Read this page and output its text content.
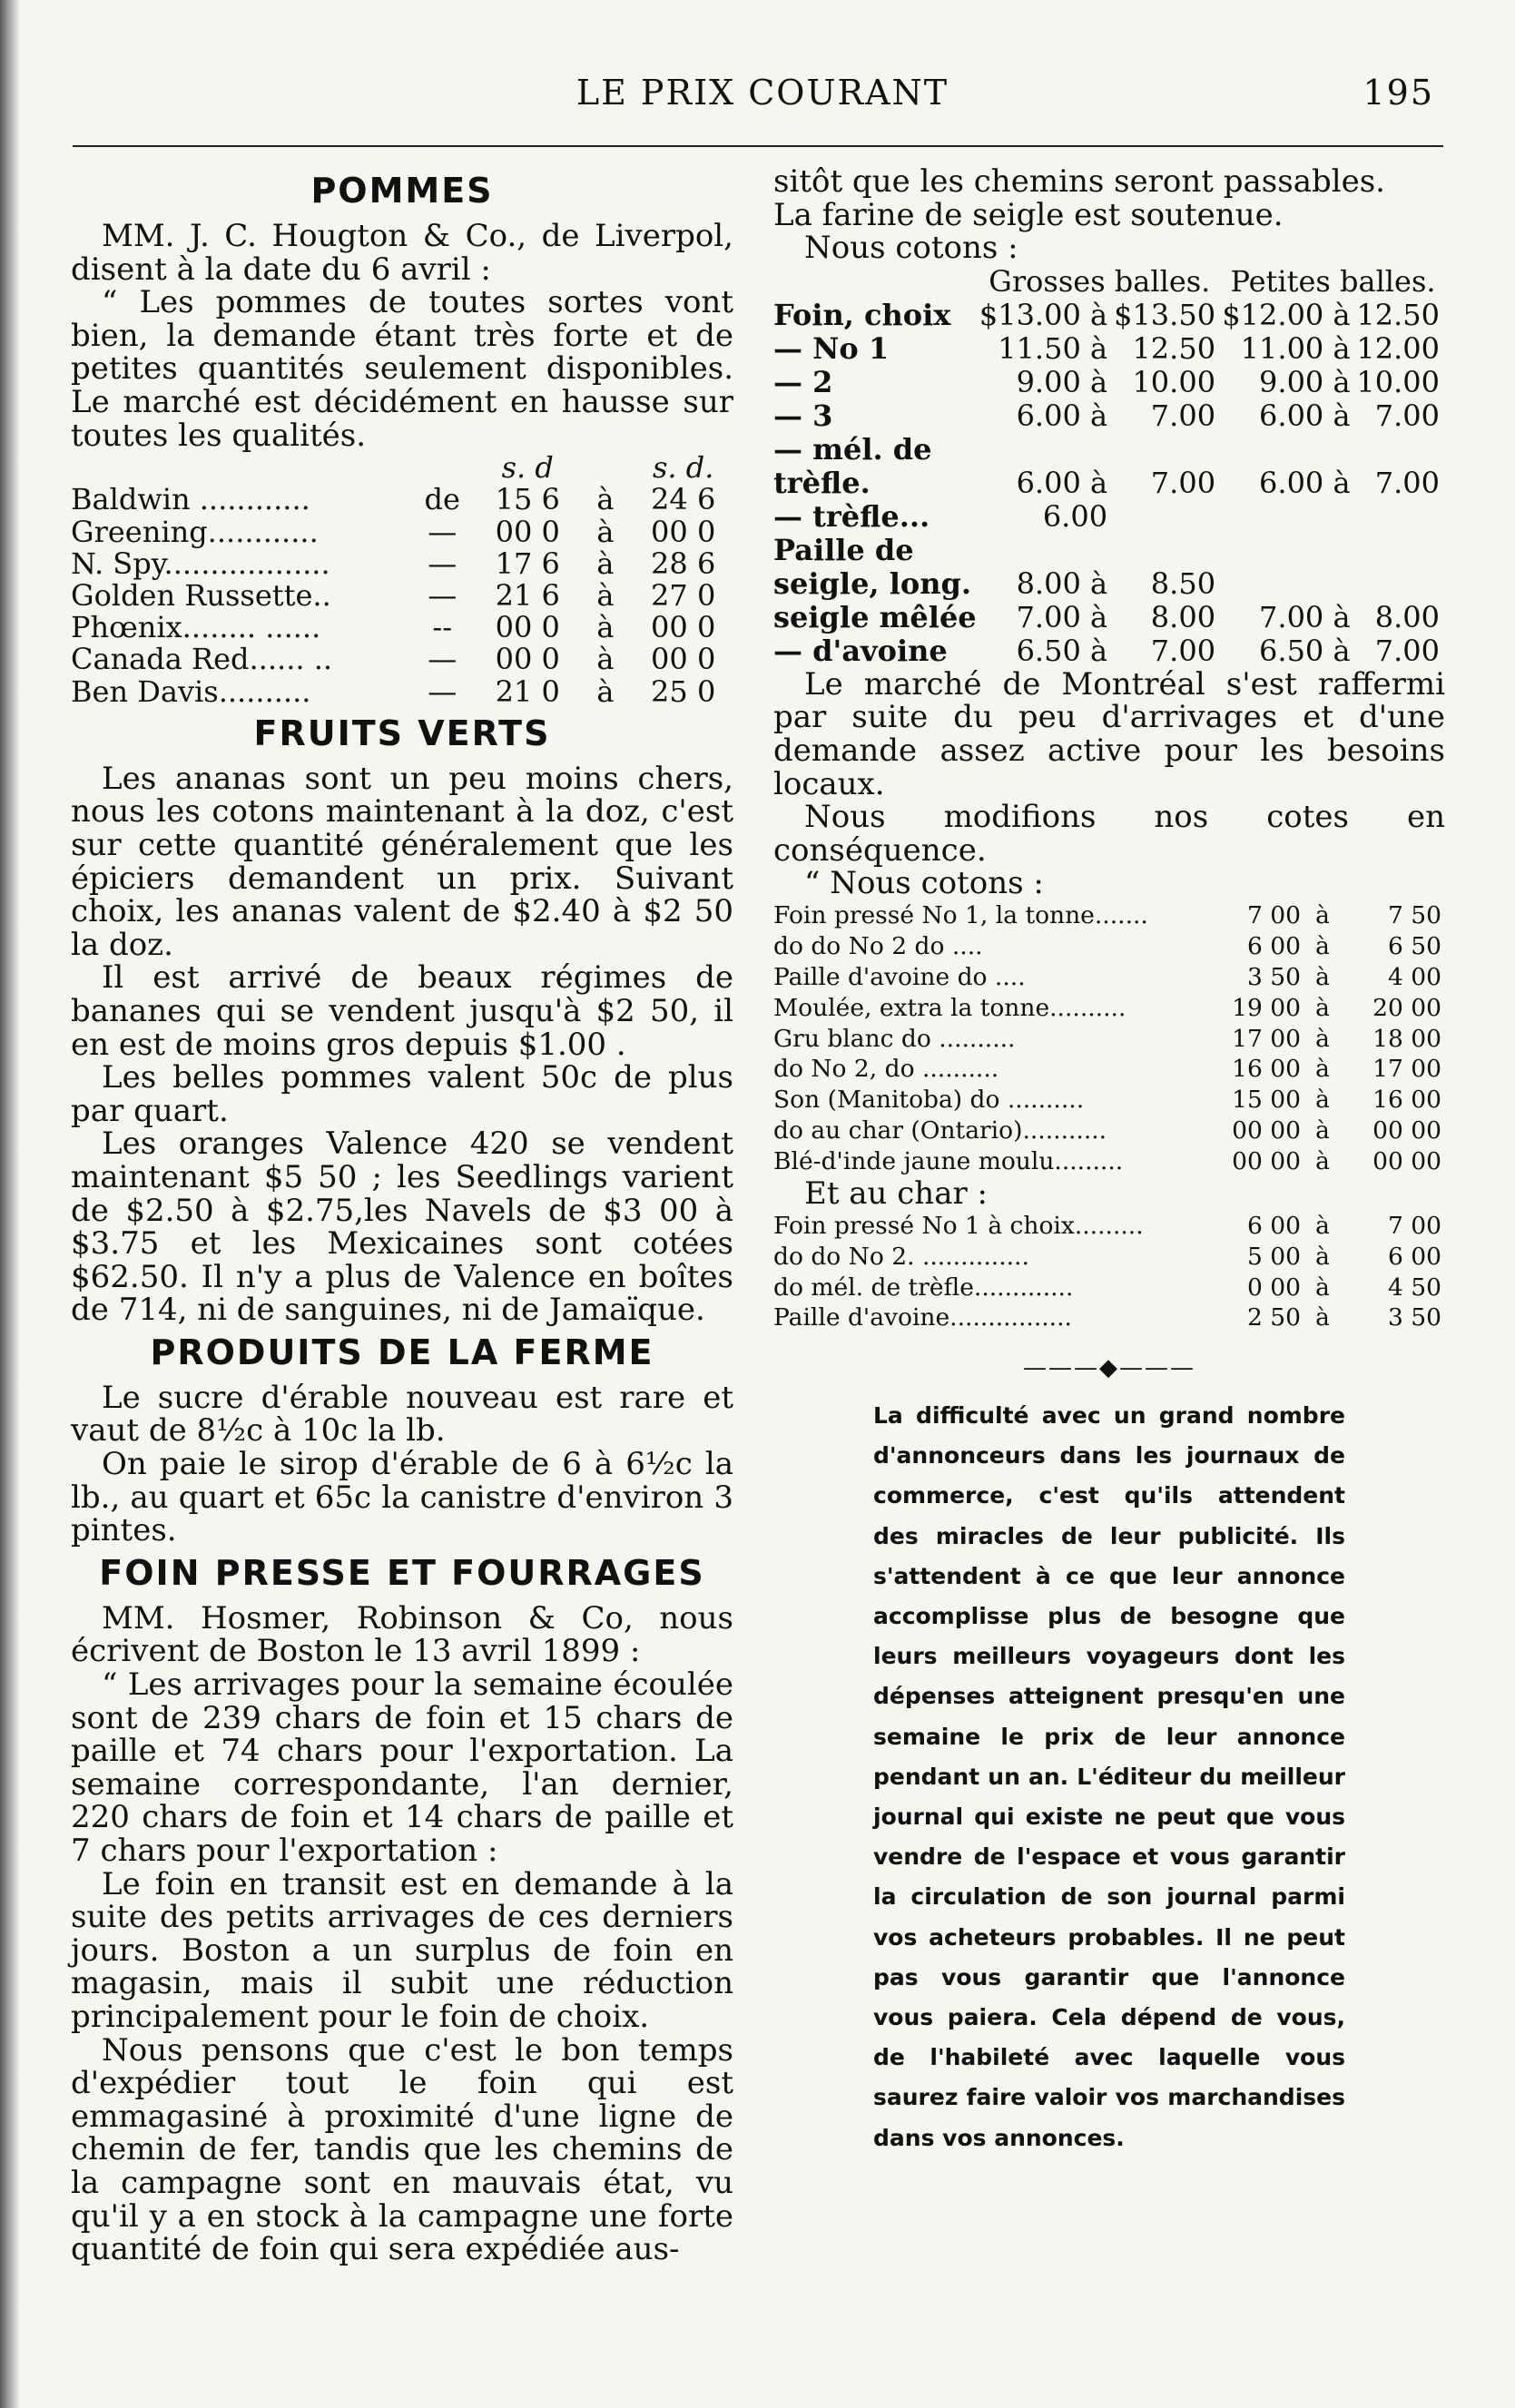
LE PRIX COURANT	195
POMMES

MM. J. C. Hougton & Co., de Liverpol, disent à la date du 6 avril :

“ Les pommes de toutes sortes vont bien, la demande étant très forte et de petites quantités seulement disponibles. Le marché est décidément en hausse sur toutes les qualités.

		s. d		s. d.
Baldwin ............	de	15 6	à	24 6
Greening............	—	00 0	à	00 0
N. Spy..................	—	17 6	à	28 6
Golden Russette..	—	21 6	à	27 0
Phœnix........ ......	--	00 0	à	00 0
Canada Red...... ..	—	00 0	à	00 0
Ben Davis..........	—	21 0	à	25 0
FRUITS VERTS

Les ananas sont un peu moins chers, nous les cotons maintenant à la doz, c'est sur cette quantité généralement que les épiciers demandent un prix. Suivant choix, les ananas valent de $2.40 à $2 50 la doz.

Il est arrivé de beaux régimes de bananes qui se vendent jusqu'à $2 50, il en est de moins gros depuis $1.00 .

Les belles pommes valent 50c de plus par quart.

Les oranges Valence 420 se vendent maintenant $5 50 ; les Seedlings varient de $2.50 à $2.75,les Navels de $3 00 à $3.75 et les Mexicaines sont cotées $62.50. Il n'y a plus de Valence en boîtes de 714, ni de sanguines, ni de Jamaïque.

PRODUITS DE LA FERME

Le sucre d'érable nouveau est rare et vaut de 8½c à 10c la lb.

On paie le sirop d'érable de 6 à 6½c la lb., au quart et 65c la canistre d'environ 3 pintes.

FOIN PRESSE ET FOURRAGES

MM. Hosmer, Robinson & Co, nous écrivent de Boston le 13 avril 1899 :

“ Les arrivages pour la semaine écoulée sont de 239 chars de foin et 15 chars de paille et 74 chars pour l'exportation. La semaine correspondante, l'an dernier, 220 chars de foin et 14 chars de paille et 7 chars pour l'exportation :

Le foin en transit est en demande à la suite des petits arrivages de ces derniers jours. Boston a un surplus de foin en magasin, mais il subit une réduction principalement pour le foin de choix.

Nous pensons que c'est le bon temps d'expédier tout le foin qui est emmagasiné à proximité d'une ligne de chemin de fer, tandis que les chemins de la campagne sont en mauvais état, vu qu'il y a en stock à la campagne une forte quantité de foin qui sera expédiée aus-

sitôt que les chemins seront passables.

La farine de seigle est soutenue.

Nous cotons :

	Grosses balles.		Petites balles.	
Foin, choix	$13.00 à	$13.50	$12.00 à	12.50
— No 1	11.50 à	12.50	11.00 à	12.00
— 2	9.00 à	10.00	9.00 à	10.00
— 3	6.00 à	7.00	6.00 à	7.00
— mél. de				
trèfle.	6.00 à	7.00	6.00 à	7.00
— trèfle...	6.00			
Paille de				
seigle, long.	8.00 à	8.50		
seigle mêlée	7.00 à	8.00	7.00 à	8.00
— d'avoine	6.50 à	7.00	6.50 à	7.00

Le marché de Montréal s'est raffermi par suite du peu d'arrivages et d'une demande assez active pour les besoins locaux.

Nous modifions nos cotes en conséquence.

“ Nous cotons :

Foin pressé No 1, la tonne.......	7 00	à	7 50
do do No 2 do ....	6 00	à	6 50
Paille d'avoine do ....	3 50	à	4 00
Moulée, extra la tonne..........	19 00	à	20 00
Gru blanc do ..........	17 00	à	18 00
do No 2, do ..........	16 00	à	17 00
Son (Manitoba) do ..........	15 00	à	16 00
do au char (Ontario)...........	00 00	à	00 00
Blé-d'inde jaune moulu.........	00 00	à	00 00

Et au char :

Foin pressé No 1 à choix.........	6 00	à	7 00
do do No 2. ..............	5 00	à	6 00
do mél. de trèfle.............	0 00	à	4 50
Paille d'avoine................	2 50	à	3 50
———◆———
La difficulté avec un grand nombre d'annonceurs dans les journaux de commerce, c'est qu'ils attendent des miracles de leur publicité. Ils s'attendent à ce que leur annonce accomplisse plus de besogne que leurs meilleurs voyageurs dont les dépenses atteignent presqu'en une semaine le prix de leur annonce pendant un an. L'éditeur du meilleur journal qui existe ne peut que vous vendre de l'espace et vous garantir la circulation de son journal parmi vos acheteurs probables. Il ne peut pas vous garantir que l'annonce vous paiera. Cela dépend de vous, de l'habileté avec laquelle vous saurez faire valoir vos marchandises dans vos annonces.
